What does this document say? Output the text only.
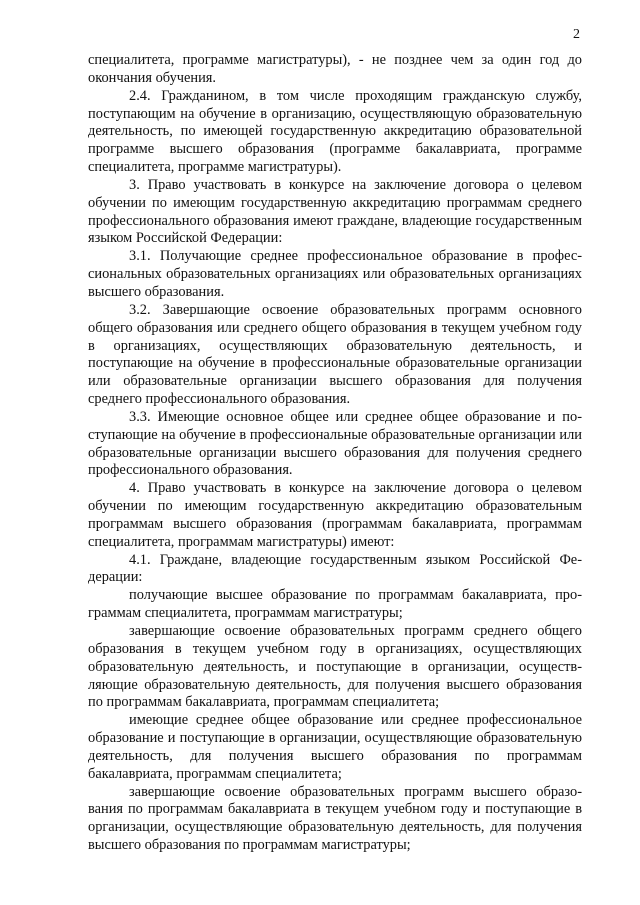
2

специалитета, программе магистратуры), - не позднее чем за один год до окончания обучения.

2.4. Гражданином, в том числе проходящим гражданскую службу, поступающим на обучение в организацию, осуществляющую образовательную деятельность, по имеющей государственную аккредитацию образовательной программе высшего образования (программе бакалавриата, программе специалитета, программе магистратуры).

3. Право участвовать в конкурсе на заключение договора о целевом обучении по имеющим государственную аккредитацию программам среднего профессионального образования имеют граждане, владеющие государственным языком Российской Федерации:

3.1. Получающие среднее профессиональное образование в профессиональных образовательных организациях или образовательных организациях высшего образования.

3.2. Завершающие освоение образовательных программ основного общего образования или среднего общего образования в текущем учебном году в организациях, осуществляющих образовательную деятельность, и поступающие на обучение в профессиональные образовательные организации или образовательные организации высшего образования для получения среднего профессионального образования.

3.3. Имеющие основное общее или среднее общее образование и поступающие на обучение в профессиональные образовательные организации или образовательные организации высшего образования для получения среднего профессионального образования.

4. Право участвовать в конкурсе на заключение договора о целевом обучении по имеющим государственную аккредитацию образовательным программам высшего образования (программам бакалавриата, программам специалитета, программам магистратуры) имеют:

4.1. Граждане, владеющие государственным языком Российской Федерации:

получающие высшее образование по программам бакалавриата, программам специалитета, программам магистратуры;

завершающие освоение образовательных программ среднего общего образования в текущем учебном году в организациях, осуществляющих образовательную деятельность, и поступающие в организации, осуществляющие образовательную деятельность, для получения высшего образования по программам бакалавриата, программам специалитета;

имеющие среднее общее образование или среднее профессиональное образование и поступающие в организации, осуществляющие образовательную деятельность, для получения высшего образования по программам бакалавриата, программам специалитета;

завершающие освоение образовательных программ высшего образования по программам бакалавриата в текущем учебном году и поступающие в организации, осуществляющие образовательную деятельность, для получения высшего образования по программам магистратуры;
